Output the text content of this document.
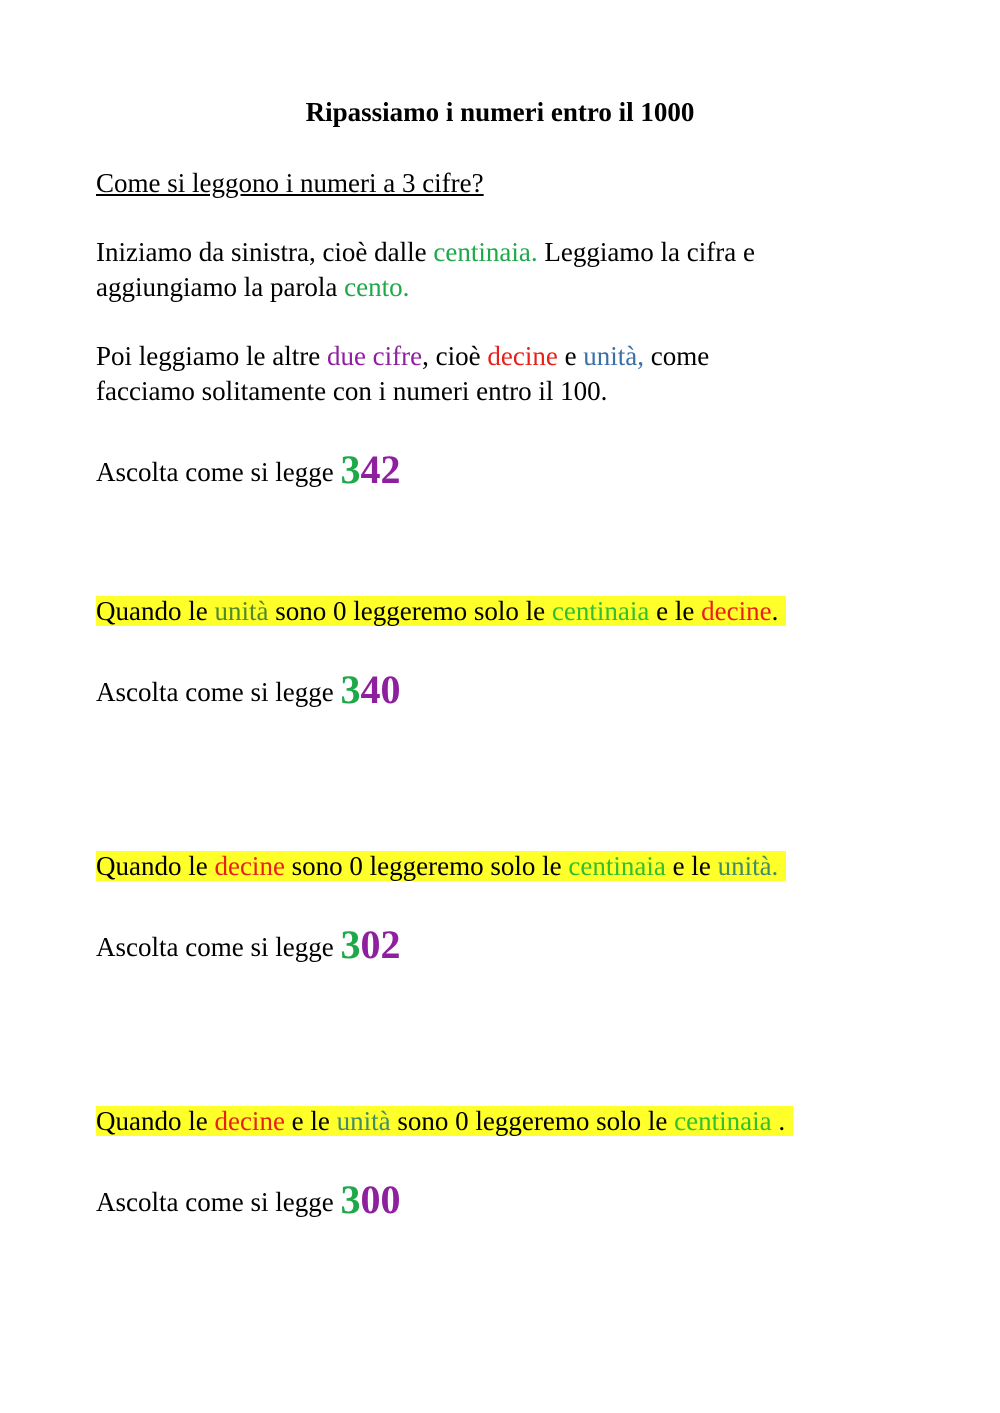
Ripassiamo i numeri entro il 1000
Come si leggono i numeri a 3 cifre?
Iniziamo da sinistra, cioè dalle centinaia. Leggiamo la cifra e
aggiungiamo la parola cento.
Poi leggiamo le altre due cifre, cioè decine e unità, come
facciamo solitamente con i numeri entro il 100.
Ascolta come si legge 342
Quando le unità sono 0 leggeremo solo le centinaia e le decine.
Ascolta come si legge 340
Quando le decine sono 0 leggeremo solo le centinaia e le unità.
Ascolta come si legge 302
Quando le decine e le unità sono 0 leggeremo solo le centinaia .
Ascolta come si legge 300
